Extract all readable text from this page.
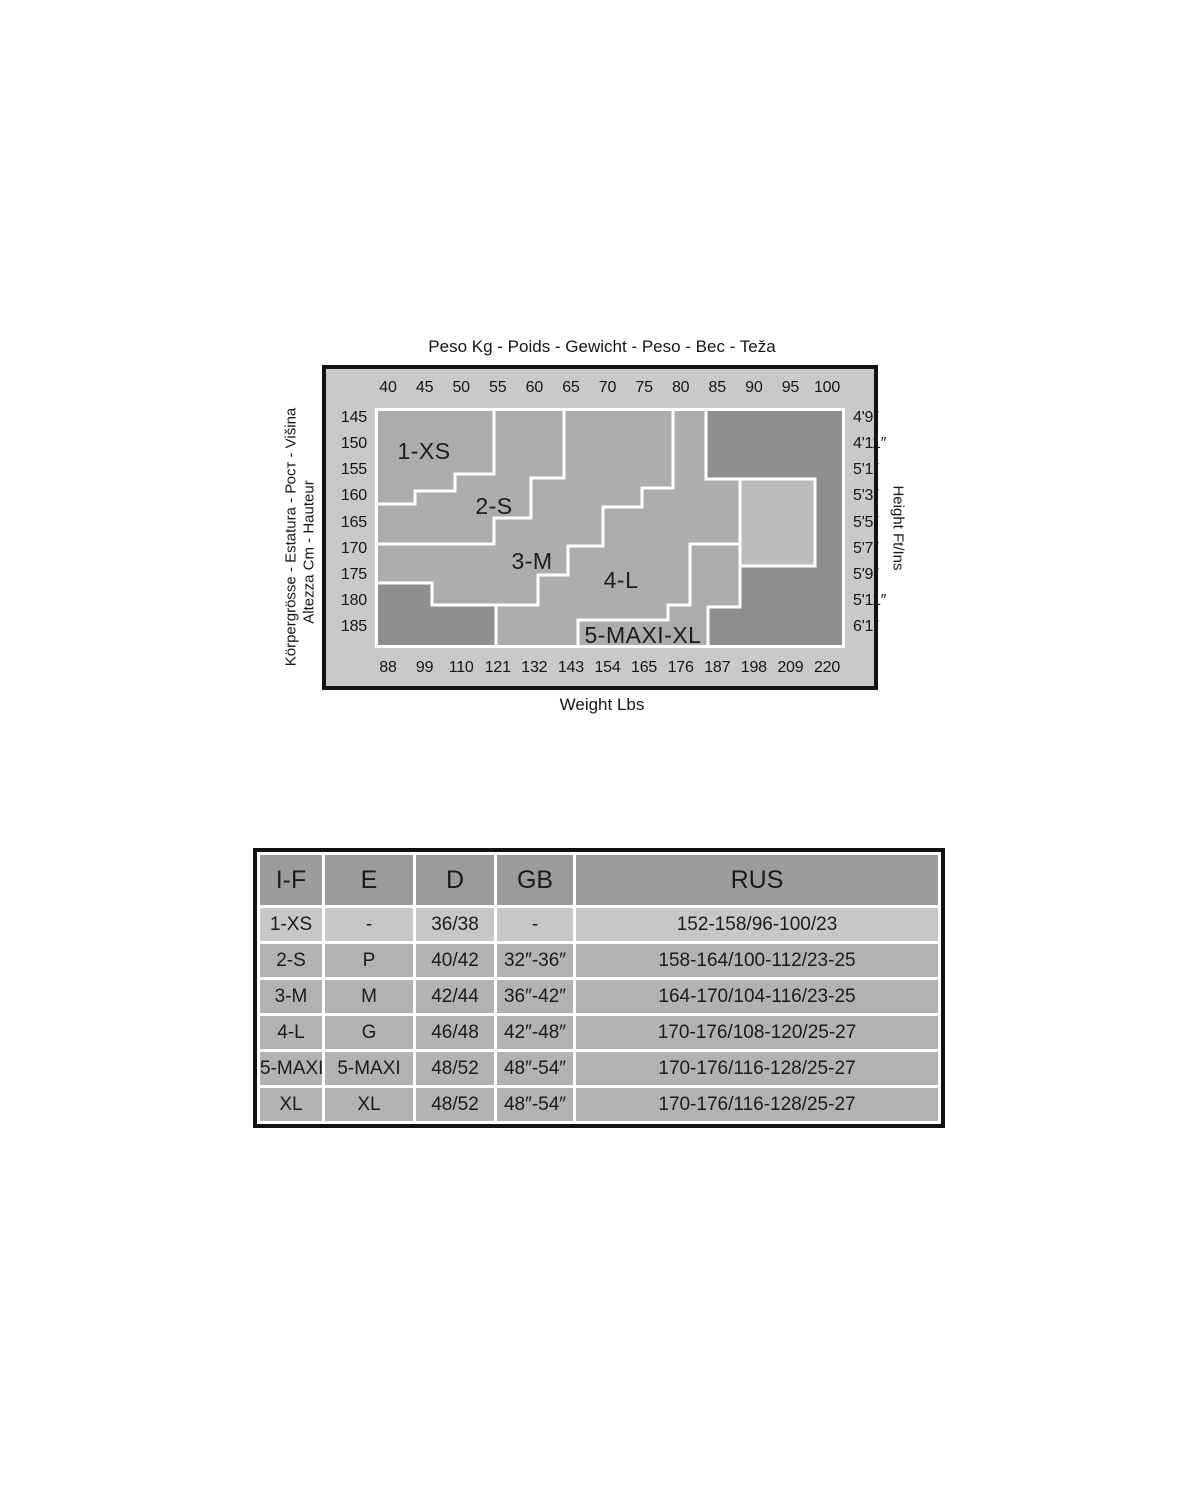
Peso Kg - Poids - Gewicht - Peso - Bec - Teža
Altezza Cm - Hauteur
Körpergrösse - Estatura - Рост - Višina	Height Ft/Ins
1-XS
2-S
3-M
4-L
5-MAXI-XL
40 45 50 55 60 65 70 75 80 85 90 95 100
88 99 110 121 132 143 154 165 176 187 198 209 220
145
150
155
160
165
170
175
180
185
4'9″
4'11″
5'1″
5'3″
5'5″
5'7″
5'9″
5'11″
6'1″
Weight Lbs
I-F	E	D	GB	RUS
1-XS	-	36/38	-	152-158/96-100/23
2-S	P	40/42	32″-36″	158-164/100-112/23-25
3-M	M	42/44	36″-42″	164-170/104-116/23-25
4-L	G	46/48	42″-48″	170-176/108-120/25-27
5-MAXI	5-MAXI	48/52	48″-54″	170-176/116-128/25-27
XL	XL	48/52	48″-54″	170-176/116-128/25-27
